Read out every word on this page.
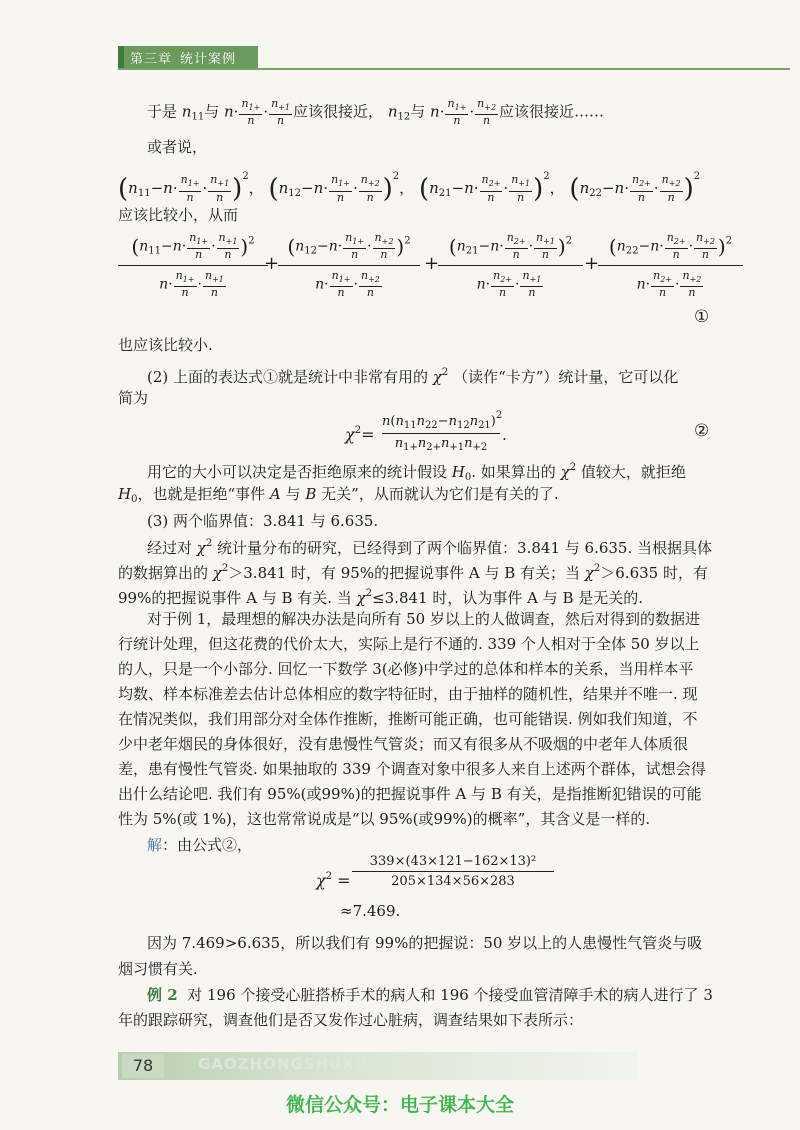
第三章 统计案例
于是 $n_{11}$与 $n\cdot \frac{n_{1+}}{n} \cdot \frac{n_{+1}}{n}$ 应该很接近， $n_{12}$与 $n\cdot \frac{n_{1+}}{n} \cdot \frac{n_{+2}}{n}$ 应该很接近……
或者说，
$(n_{11}-n\cdot \frac{n_{1+}}{n} \cdot \frac{n_{+1}}{n} )^2$， $(n_{12}-n\cdot \frac{n_{1+}}{n} \cdot \frac{n_{+2}}{n} )^2$， $(n_{21}-n\cdot \frac{n_{2+}}{n} \cdot \frac{n_{+1}}{n} )^2$， $(n_{22}-n\cdot \frac{n_{2+}}{n} \cdot \frac{n_{+2}}{n} )^2$
应该比较小，从而
$\frac{(n_{11}-n\cdot \frac{n_{1+}}{n} \cdot \frac{n_{+1}}{n} )^2}{n\cdot \frac{n_{1+}}{n} \cdot \frac{n_{+1}}{n}}$
+
$\frac{(n_{12}-n\cdot \frac{n_{1+}}{n} \cdot \frac{n_{+2}}{n} )^2}{n\cdot \frac{n_{1+}}{n} \cdot \frac{n_{+2}}{n}}$ +
$\frac{(n_{21}-n\cdot \frac{n_{2+}}{n} \cdot \frac{n_{+1}}{n} )^2}{n\cdot \frac{n_{2+}}{n} \cdot \frac{n_{+1}}{n}}$ +
$\frac{(n_{22}-n\cdot \frac{n_{2+}}{n} \cdot \frac{n_{+2}}{n} )^2}{n\cdot \frac{n_{2+}}{n} \cdot \frac{n_{+2}}{n}}$
①
也应该比较小.
(2) 上面的表达式①就是统计中非常有用的 $\chi^2$ （读作“卡方”）统计量，它可以化
简为
$\chi^2= \frac{n(n_{11}n_{22}-n_{12}n_{21})^2}{n_{1+}n_{2+}n_{+1}n_{+2}}$ .	②
用它的大小可以决定是否拒绝原来的统计假设 $H_0$. 如果算出的 $\chi^2$ 值较大，就拒绝
$H_0$，也就是拒绝“事件 A 与 B 无关”，从而就认为它们是有关的了.
(3) 两个临界值：3.841 与 6.635.
经过对 $\chi^2$ 统计量分布的研究，已经得到了两个临界值：3.841 与 6.635. 当根据具体
的数据算出的 $\chi^2>3.841$ 时，有 95%的把握说事件 A 与 B 有关；当 $\chi^2>6.635$ 时，有
99%的把握说事件 A 与 B 有关. 当 $\chi^2\le 3.841$ 时，认为事件 A 与 B 是无关的.
对于例 1，最理想的解决办法是向所有 50 岁以上的人做调查，然后对得到的数据进
行统计处理，但这花费的代价太大，实际上是行不通的. 339 个人相对于全体 50 岁以上
的人，只是一个小部分. 回忆一下数学 3(必修)中学过的总体和样本的关系，当用样本平
均数、样本标准差去估计总体相应的数字特征时，由于抽样的随机性，结果并不唯一. 现
在情况类似，我们用部分对全体作推断，推断可能正确，也可能错误. 例如我们知道，不
少中老年烟民的身体很好，没有患慢性气管炎；而又有很多从不吸烟的中老年人体质很
差，患有慢性气管炎. 如果抽取的 339 个调查对象中很多人来自上述两个群体，试想会得
出什么结论吧. 我们有 95%(或99%)的把握说事件 A 与 B 有关，是指推断犯错误的可能
性为 5%(或 1%)，这也常常说成是“以 95%(或99%)的概率”，其含义是一样的.
解：由公式②，
$\chi^2 = \frac{\text{339×(43×121−162×13)²}}{205\times 134\times 56\times 283}$
≈7.469.
因为 7.469>6.635，所以我们有 99%的把握说：50 岁以上的人患慢性气管炎与吸
烟习惯有关.
例 2 对 196 个接受心脏搭桥手术的病人和 196 个接受血管清障手术的病人进行了 3
年的跟踪研究，调查他们是否又发作过心脏病，调查结果如下表所示：
78	GAOZHONGSHUXUE
微信公众号：电子课本大全
